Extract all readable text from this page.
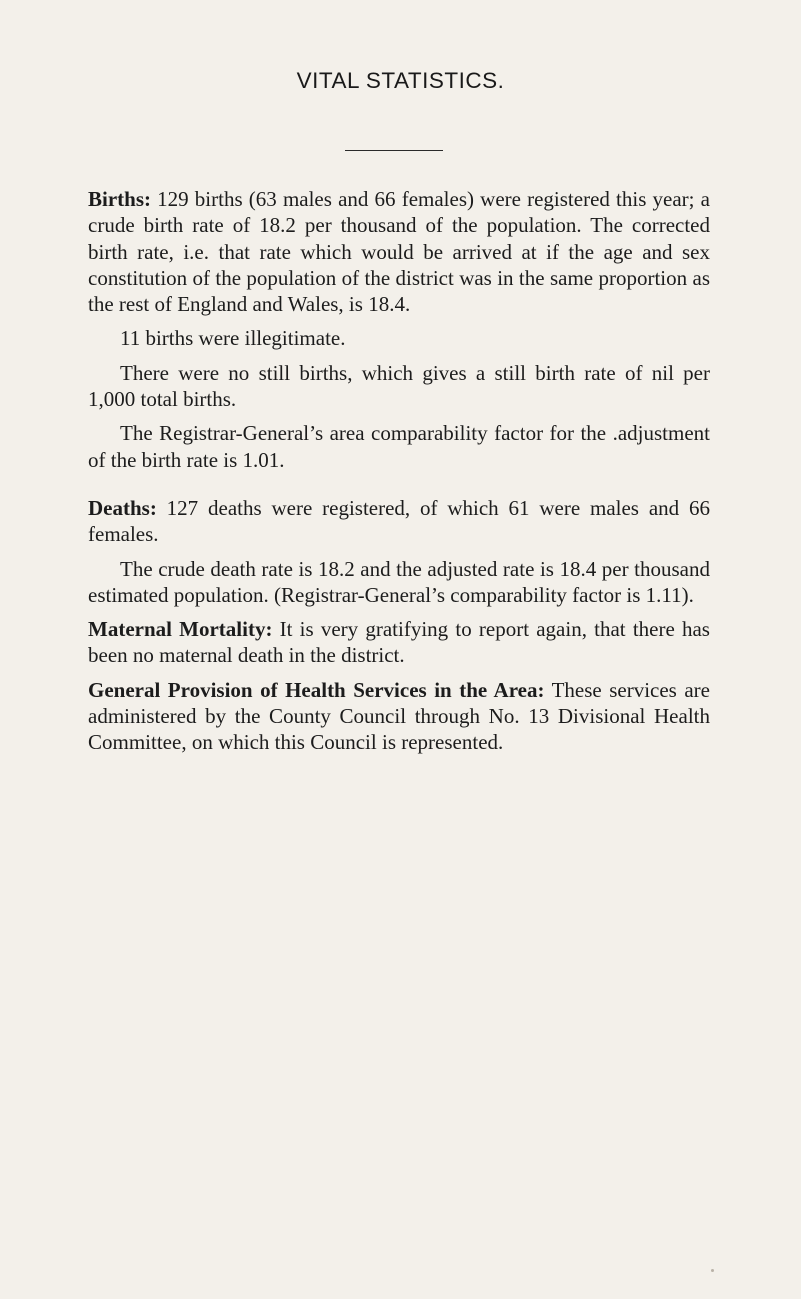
VITAL STATISTICS.

Births: 129 births (63 males and 66 females) were registered this year; a crude birth rate of 18.2 per thousand of the population. The corrected birth rate, i.e. that rate which would be arrived at if the age and sex constitution of the population of the district was in the same proportion as the rest of England and Wales, is 18.4.

11 births were illegitimate.

There were no still births, which gives a still birth rate of nil per 1,000 total births.

The Registrar-General’s area comparability factor for the .adjustment of the birth rate is 1.01.

Deaths: 127 deaths were registered, of which 61 were males and 66 females.

The crude death rate is 18.2 and the adjusted rate is 18.4 per thousand estimated population. (Registrar-General’s comparability factor is 1.11).

Maternal Mortality: It is very gratifying to report again, that there has been no maternal death in the district.

General Provision of Health Services in the Area: These services are administered by the County Council through No. 13 Divisional Health Committee, on which this Council is represented.
